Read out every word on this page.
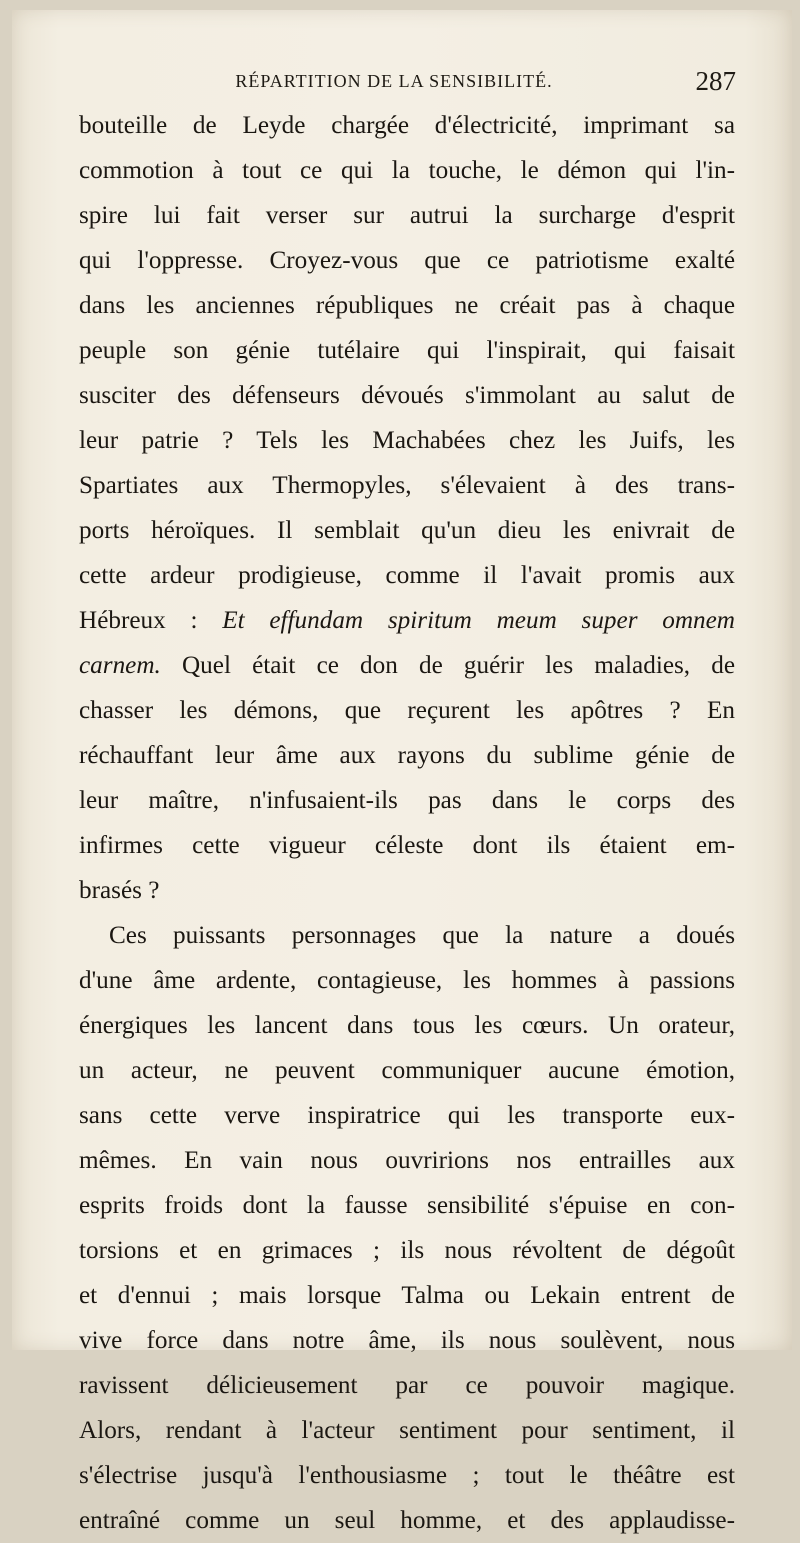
RÉPARTITION DE LA SENSIBILITÉ.	287
bouteille de Leyde chargée d'électricité, imprimant sa
commotion à tout ce qui la touche, le démon qui l'in-
spire lui fait verser sur autrui la surcharge d'esprit
qui l'oppresse. Croyez-vous que ce patriotisme exalté
dans les anciennes républiques ne créait pas à chaque
peuple son génie tutélaire qui l'inspirait, qui faisait
susciter des défenseurs dévoués s'immolant au salut de
leur patrie ? Tels les Machabées chez les Juifs, les
Spartiates aux Thermopyles, s'élevaient à des trans-
ports héroïques. Il semblait qu'un dieu les enivrait de
cette ardeur prodigieuse, comme il l'avait promis aux
Hébreux : Et effundam spiritum meum super omnem
carnem. Quel était ce don de guérir les maladies, de
chasser les démons, que reçurent les apôtres ? En
réchauffant leur âme aux rayons du sublime génie de
leur maître, n'infusaient-ils pas dans le corps des
infirmes cette vigueur céleste dont ils étaient em-
brasés ?
Ces puissants personnages que la nature a doués
d'une âme ardente, contagieuse, les hommes à passions
énergiques les lancent dans tous les cœurs. Un orateur,
un acteur, ne peuvent communiquer aucune émotion,
sans cette verve inspiratrice qui les transporte eux-
mêmes. En vain nous ouvririons nos entrailles aux
esprits froids dont la fausse sensibilité s'épuise en con-
torsions et en grimaces ; ils nous révoltent de dégoût
et d'ennui ; mais lorsque Talma ou Lekain entrent de
vive force dans notre âme, ils nous soulèvent, nous
ravissent délicieusement par ce pouvoir magique.
Alors, rendant à l'acteur sentiment pour sentiment, il
s'électrise jusqu'à l'enthousiasme ; tout le théâtre est
entraîné comme un seul homme, et des applaudisse-
